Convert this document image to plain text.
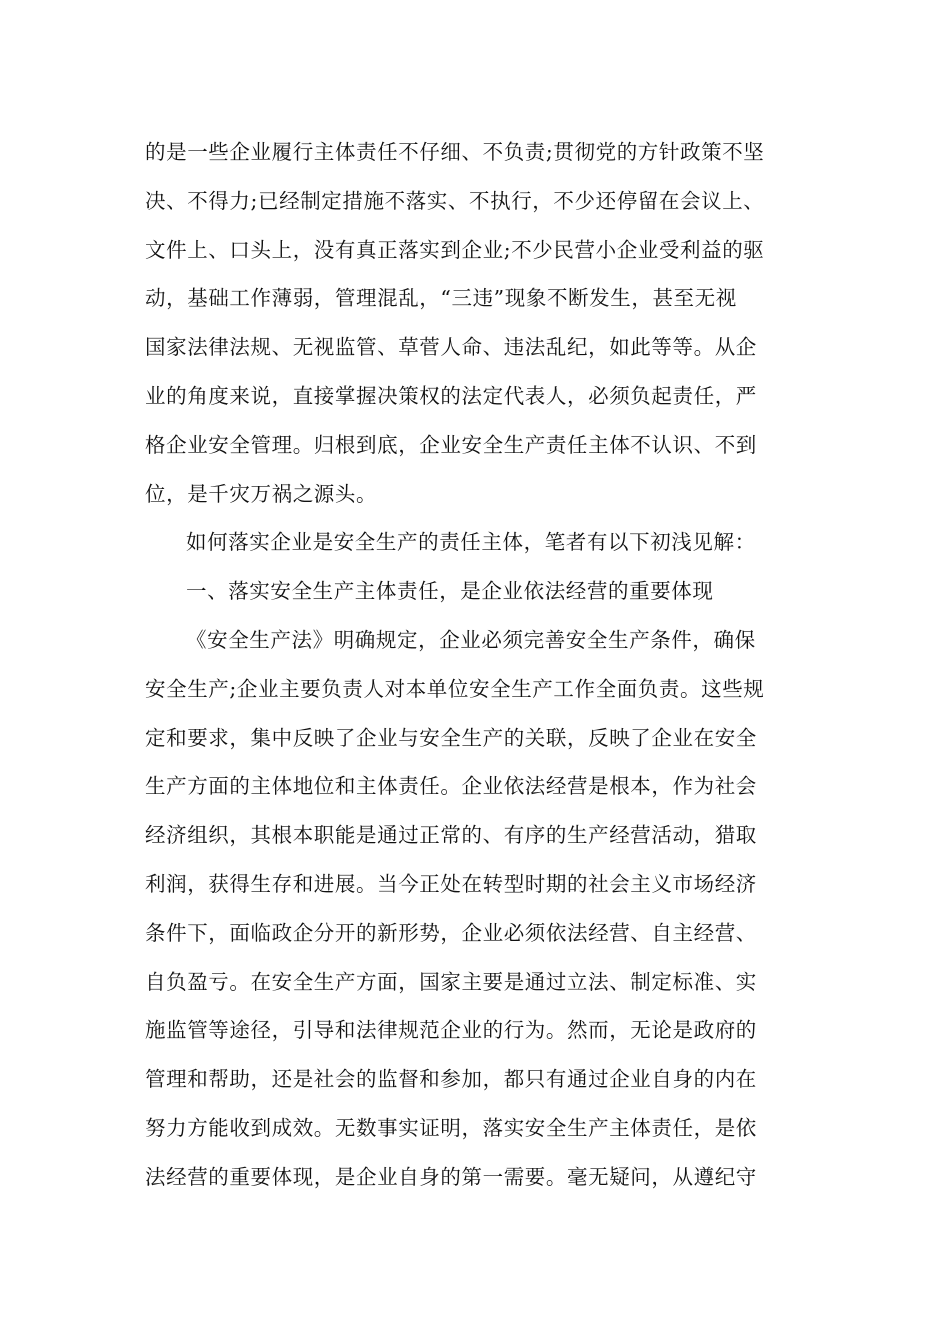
的是一些企业履行主体责任不仔细、不负责;贯彻党的方针政策不坚
决、不得力;已经制定措施不落实、不执行，不少还停留在会议上、
文件上、口头上，没有真正落实到企业;不少民营小企业受利益的驱
动，基础工作薄弱，管理混乱，“三违”现象不断发生，甚至无视
国家法律法规、无视监管、草菅人命、违法乱纪，如此等等。从企
业的角度来说，直接掌握决策权的法定代表人，必须负起责任，严
格企业安全管理。归根到底，企业安全生产责任主体不认识、不到
位，是千灾万祸之源头。
如何落实企业是安全生产的责任主体，笔者有以下初浅见解：
一、落实安全生产主体责任，是企业依法经营的重要体现
《安全生产法》明确规定，企业必须完善安全生产条件，确保
安全生产;企业主要负责人对本单位安全生产工作全面负责。这些规
定和要求，集中反映了企业与安全生产的关联，反映了企业在安全
生产方面的主体地位和主体责任。企业依法经营是根本，作为社会
经济组织，其根本职能是通过正常的、有序的生产经营活动，猎取
利润，获得生存和进展。当今正处在转型时期的社会主义市场经济
条件下，面临政企分开的新形势，企业必须依法经营、自主经营、
自负盈亏。在安全生产方面，国家主要是通过立法、制定标准、实
施监管等途径，引导和法律规范企业的行为。然而，无论是政府的
管理和帮助，还是社会的监督和参加，都只有通过企业自身的内在
努力方能收到成效。无数事实证明，落实安全生产主体责任，是依
法经营的重要体现，是企业自身的第一需要。毫无疑问，从遵纪守
